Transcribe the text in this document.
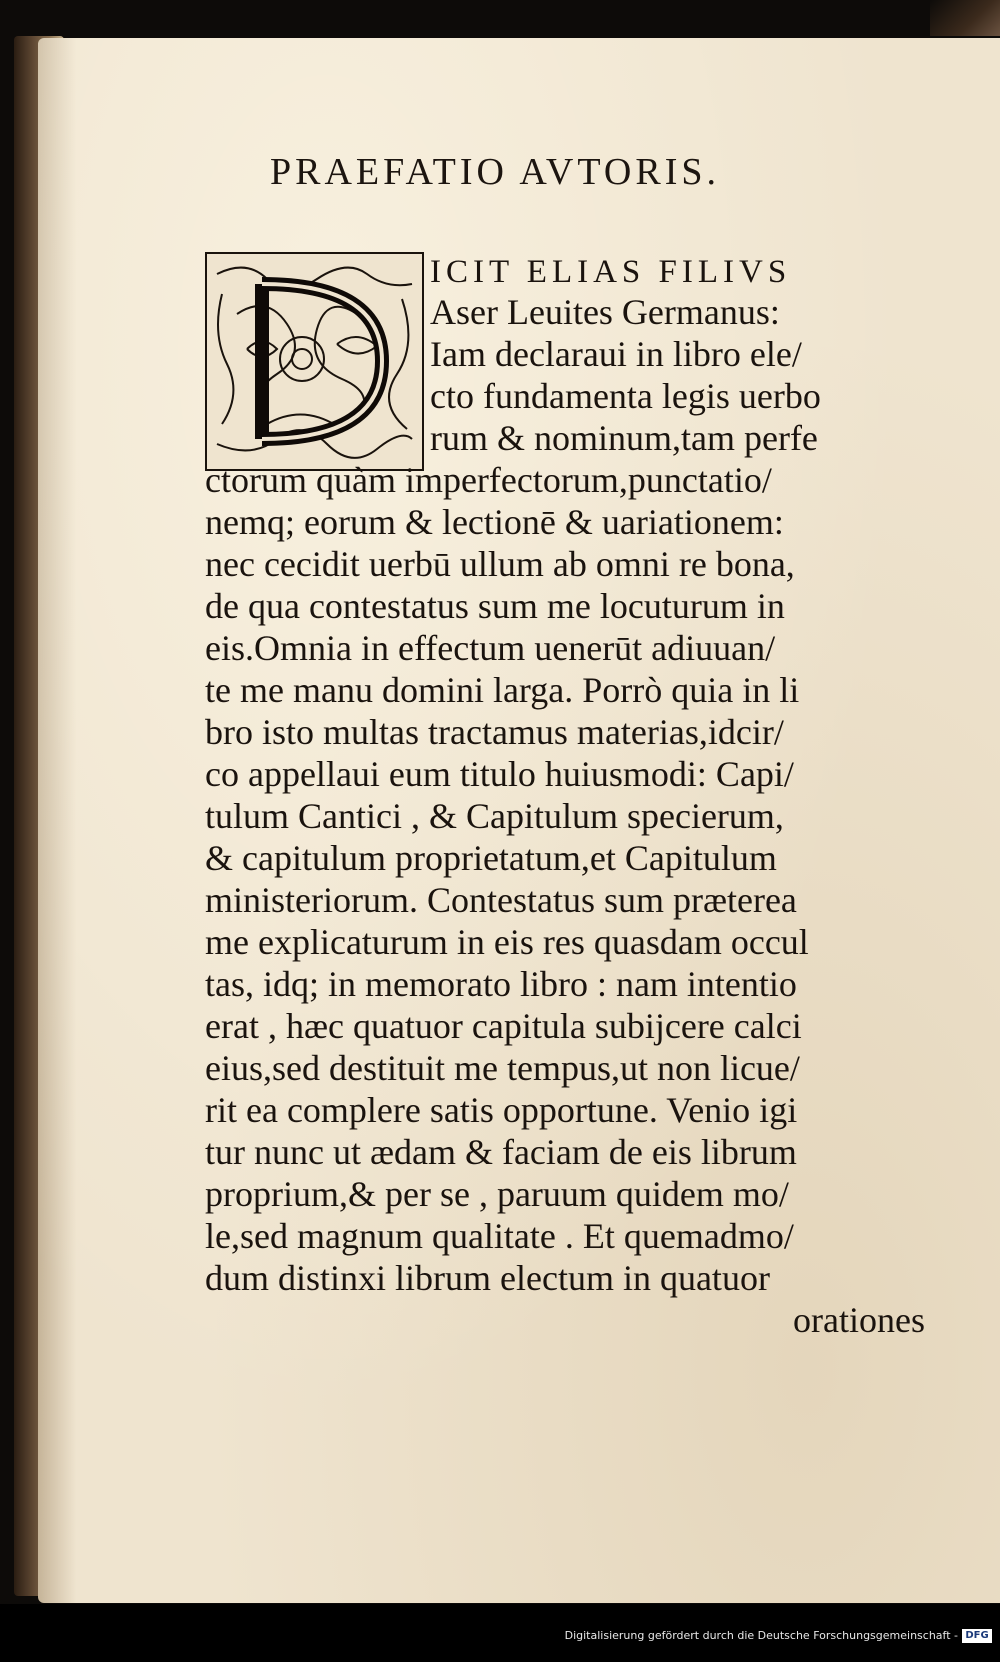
PRAEFATIO AVTORIS.
ICIT ELIAS FILIVS
Aser Leuites Germanus:
Iam declaraui in libro ele/
cto fundamenta legis uerbo
rum & nominum,tam perfe
ctorum quàm imperfectorum,punctatio/
nemq; eorum & lectionē & uariationem:
nec cecidit uerbū ullum ab omni re bona,
de qua contestatus sum me locuturum in
eis.Omnia in effectum uenerūt adiuuan/
te me manu domini larga. Porrò quia in li
bro isto multas tractamus materias,idcir/
co appellaui eum titulo huiusmodi: Capi/
tulum Cantici , & Capitulum specierum,
& capitulum proprietatum,et Capitulum
ministeriorum. Contestatus sum præterea
me explicaturum in eis res quasdam occul
tas, idq; in memorato libro : nam intentio
erat , hæc quatuor capitula subijcere calci
eius,sed destituit me tempus,ut non licue/
rit ea complere satis opportune. Venio igi
tur nunc ut ædam & faciam de eis librum
proprium,& per se , paruum quidem mo/
le,sed magnum qualitate . Et quemadmo/
dum distinxi librum electum in quatuor
orationes
Digitalisierung gefördert durch die Deutsche Forschungsgemeinschaft - DFG
